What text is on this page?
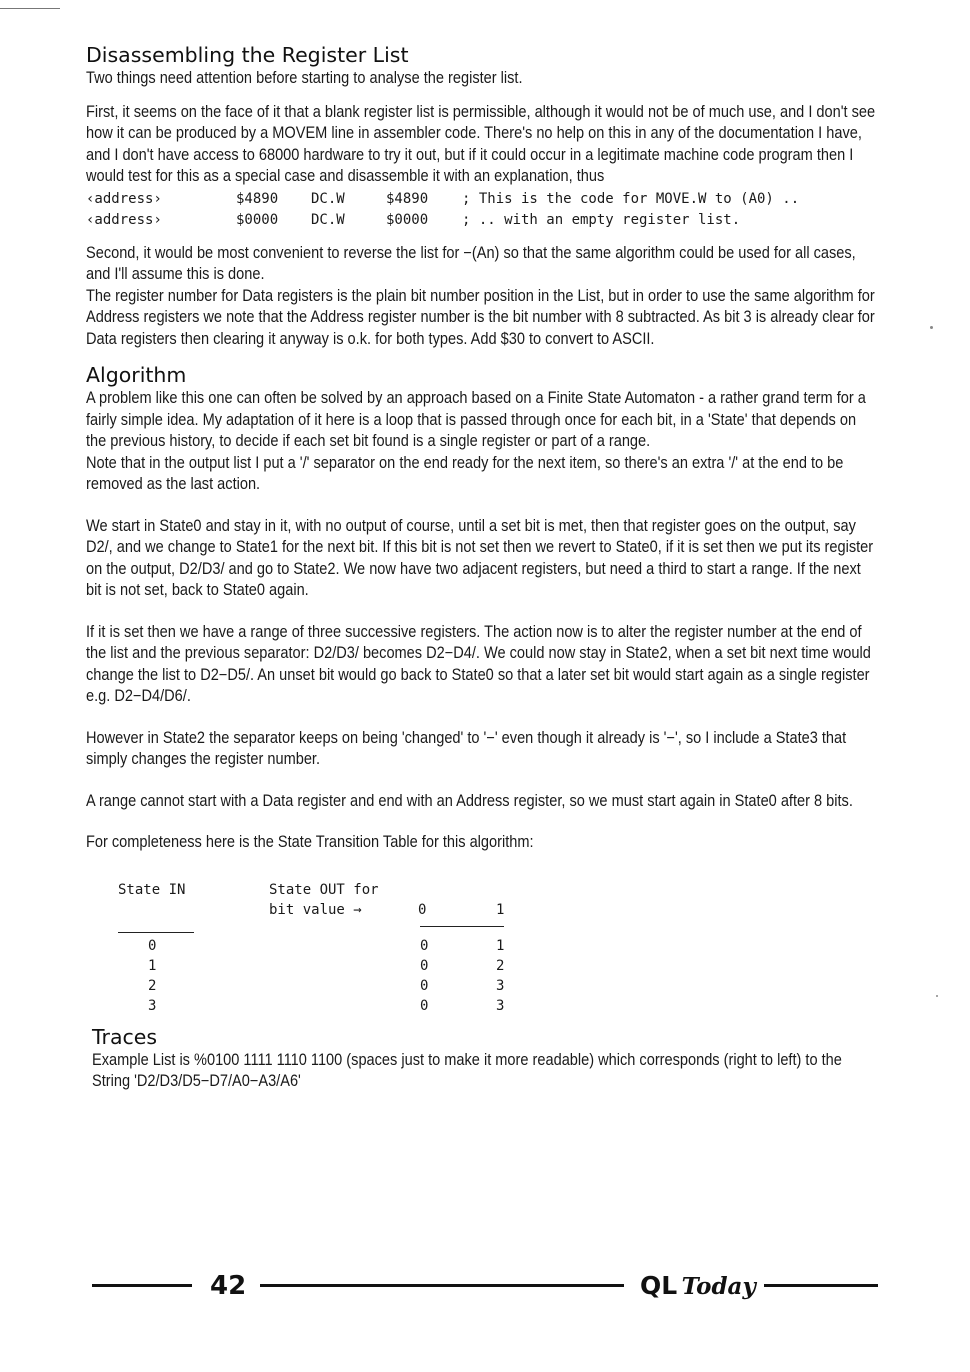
Disassembling the Register List

Two things need attention before starting to analyse the register list.

First, it seems on the face of it that a blank register list is permissible, although it would not be of much use, and I don't see how it can be produced by a MOVEM line in assembler code. There's no help on this in any of the documentation I have, and I don't have access to 68000 hardware to try it out, but if it could occur in a legitimate machine code program then I would test for this as a special case and disassemble it with an explanation, thus

‹address›	$4890	DC.W	$4890	; This is the code for MOVE.W to (A0) ..
‹address›	$0000	DC.W	$0000	; .. with an empty register list.

Second, it would be most convenient to reverse the list for −(An) so that the same algorithm could be used for all cases, and I'll assume this is done.

The register number for Data registers is the plain bit number position in the List, but in order to use the same algorithm for Address registers we note that the Address register number is the bit number with 8 subtracted. As bit 3 is already clear for Data registers then clearing it anyway is o.k. for both types. Add $30 to convert to ASCII.

Algorithm

A problem like this one can often be solved by an approach based on a Finite State Automaton - a rather grand term for a fairly simple idea. My adaptation of it here is a loop that is passed through once for each bit, in a 'State' that depends on the previous history, to decide if each set bit found is a single register or part of a range.

Note that in the output list I put a '/' separator on the end ready for the next item, so there's an extra '/' at the end to be removed as the last action.

We start in State0 and stay in it, with no output of course, until a set bit is met, then that register goes on the output, say D2/, and we change to State1 for the next bit. If this bit is not set then we revert to State0, if it is set then we put its register on the output, D2/D3/ and go to State2. We now have two adjacent registers, but need a third to start a range. If the next bit is not set, back to State0 again.

If it is set then we have a range of three successive registers. The action now is to alter the register number at the end of the list and the previous separator: D2/D3/ becomes D2−D4/. We could now stay in State2, when a set bit next time would change the list to D2−D5/. An unset bit would go back to State0 so that a later set bit would start again as a single register e.g. D2−D4/D6/.

However in State2 the separator keeps on being 'changed' to '−' even though it already is '−', so I include a State3 that simply changes the register number.

A range cannot start with a Data register and end with an Address register, so we must start again in State0 after 8 bits.

For completeness here is the State Transition Table for this algorithm:

State IN	State OUT for
bit value →	0	1
0	0	1
1	0	2
2	0	3
3	0	3
Traces

Example List is %0100 1111 1110 1100 (spaces just to make it more readable) which corresponds (right to left) to the String 'D2/D3/D5−D7/A0−A3/A6'

42	QL Today
